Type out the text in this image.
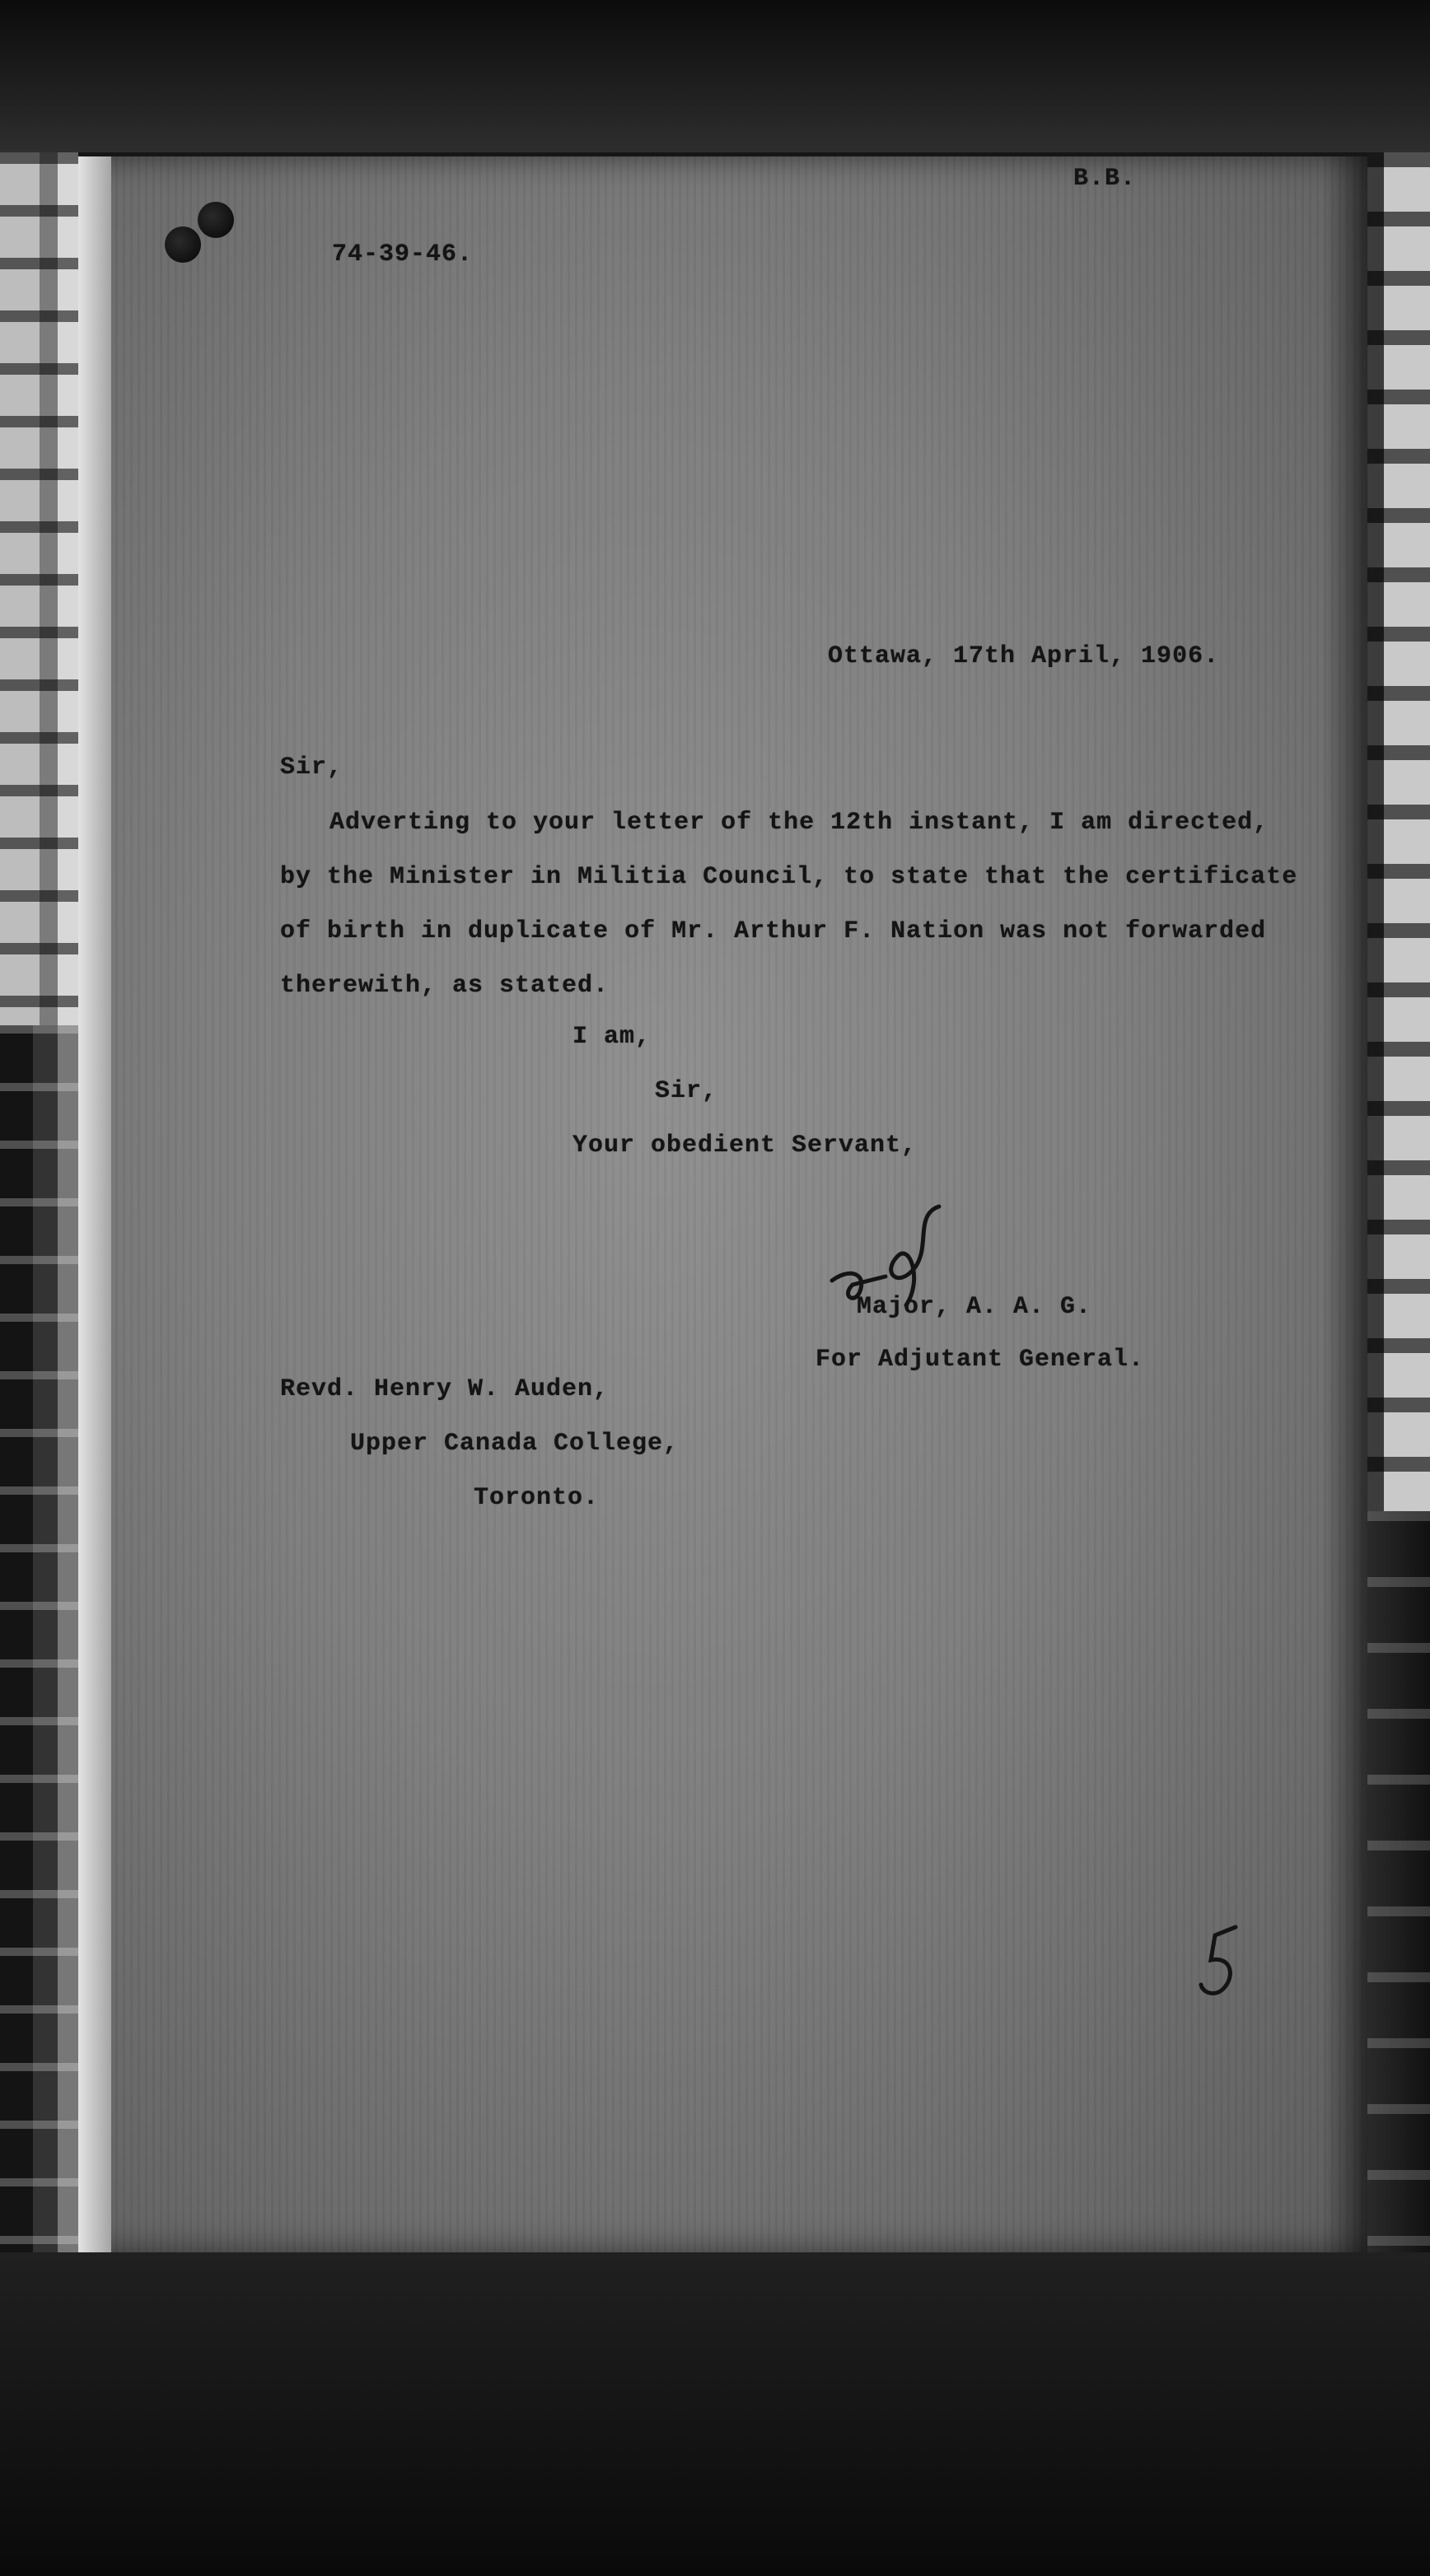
74-39-46.

B.B.

Ottawa, 17th April, 1906.

Sir,

Adverting to your letter of the 12th instant, I am directed,

by the Minister in Militia Council, to state that the certificate

of birth in duplicate of Mr. Arthur F. Nation was not forwarded

therewith, as stated.

I am,

Sir,

Your obedient Servant,

Major, A. A. G.

For Adjutant General.

Revd. Henry W. Auden,

Upper Canada College,

Toronto.
